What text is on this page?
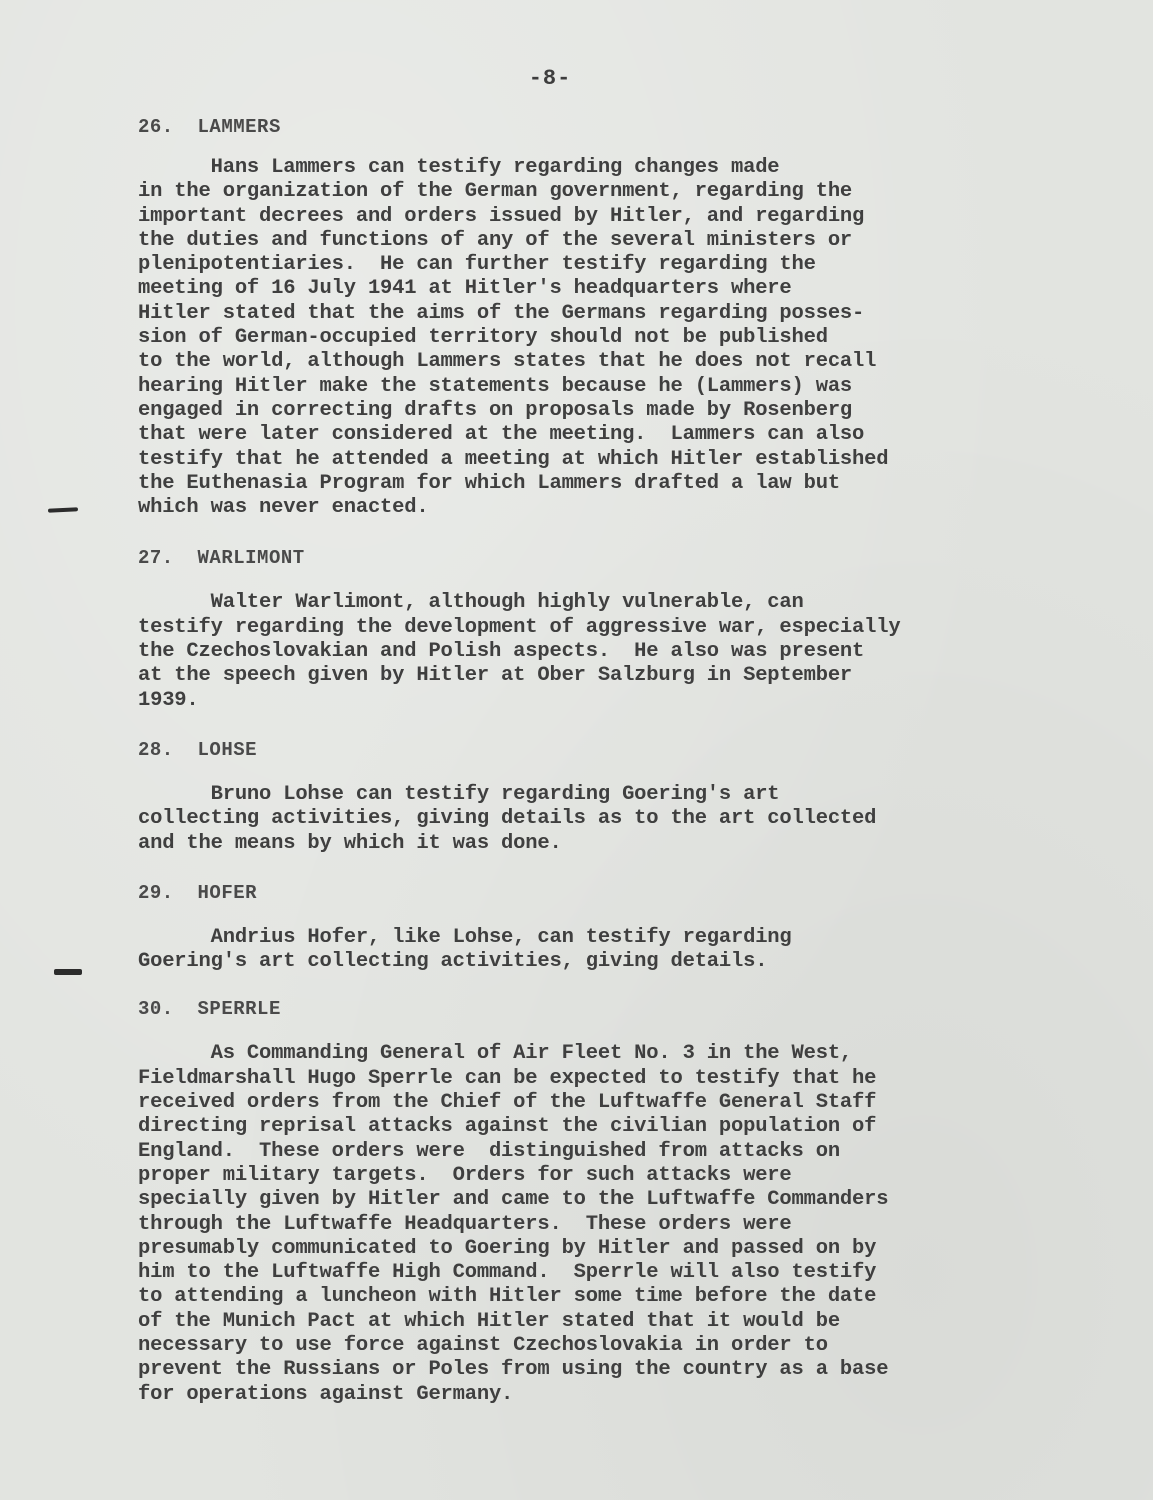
-8-
26. LAMMERS
Hans Lammers can testify regarding changes made
in the organization of the German government, regarding the
important decrees and orders issued by Hitler, and regarding
the duties and functions of any of the several ministers or
plenipotentiaries.  He can further testify regarding the
meeting of 16 July 1941 at Hitler's headquarters where
Hitler stated that the aims of the Germans regarding posses-
sion of German-occupied territory should not be published
to the world, although Lammers states that he does not recall
hearing Hitler make the statements because he (Lammers) was
engaged in correcting drafts on proposals made by Rosenberg
that were later considered at the meeting.  Lammers can also
testify that he attended a meeting at which Hitler established
the Euthenasia Program for which Lammers drafted a law but
which was never enacted.
27. WARLIMONT
Walter Warlimont, although highly vulnerable, can
testify regarding the development of aggressive war, especially
the Czechoslovakian and Polish aspects.  He also was present
at the speech given by Hitler at Ober Salzburg in September
1939.
28. LOHSE
Bruno Lohse can testify regarding Goering's art
collecting activities, giving details as to the art collected
and the means by which it was done.
29. HOFER
Andrius Hofer, like Lohse, can testify regarding
Goering's art collecting activities, giving details.
30. SPERRLE
As Commanding General of Air Fleet No. 3 in the West,
Fieldmarshall Hugo Sperrle can be expected to testify that he
received orders from the Chief of the Luftwaffe General Staff
directing reprisal attacks against the civilian population of
England.  These orders were  distinguished from attacks on
proper military targets.  Orders for such attacks were
specially given by Hitler and came to the Luftwaffe Commanders
through the Luftwaffe Headquarters.  These orders were
presumably communicated to Goering by Hitler and passed on by
him to the Luftwaffe High Command.  Sperrle will also testify
to attending a luncheon with Hitler some time before the date
of the Munich Pact at which Hitler stated that it would be
necessary to use force against Czechoslovakia in order to
prevent the Russians or Poles from using the country as a base
for operations against Germany.
